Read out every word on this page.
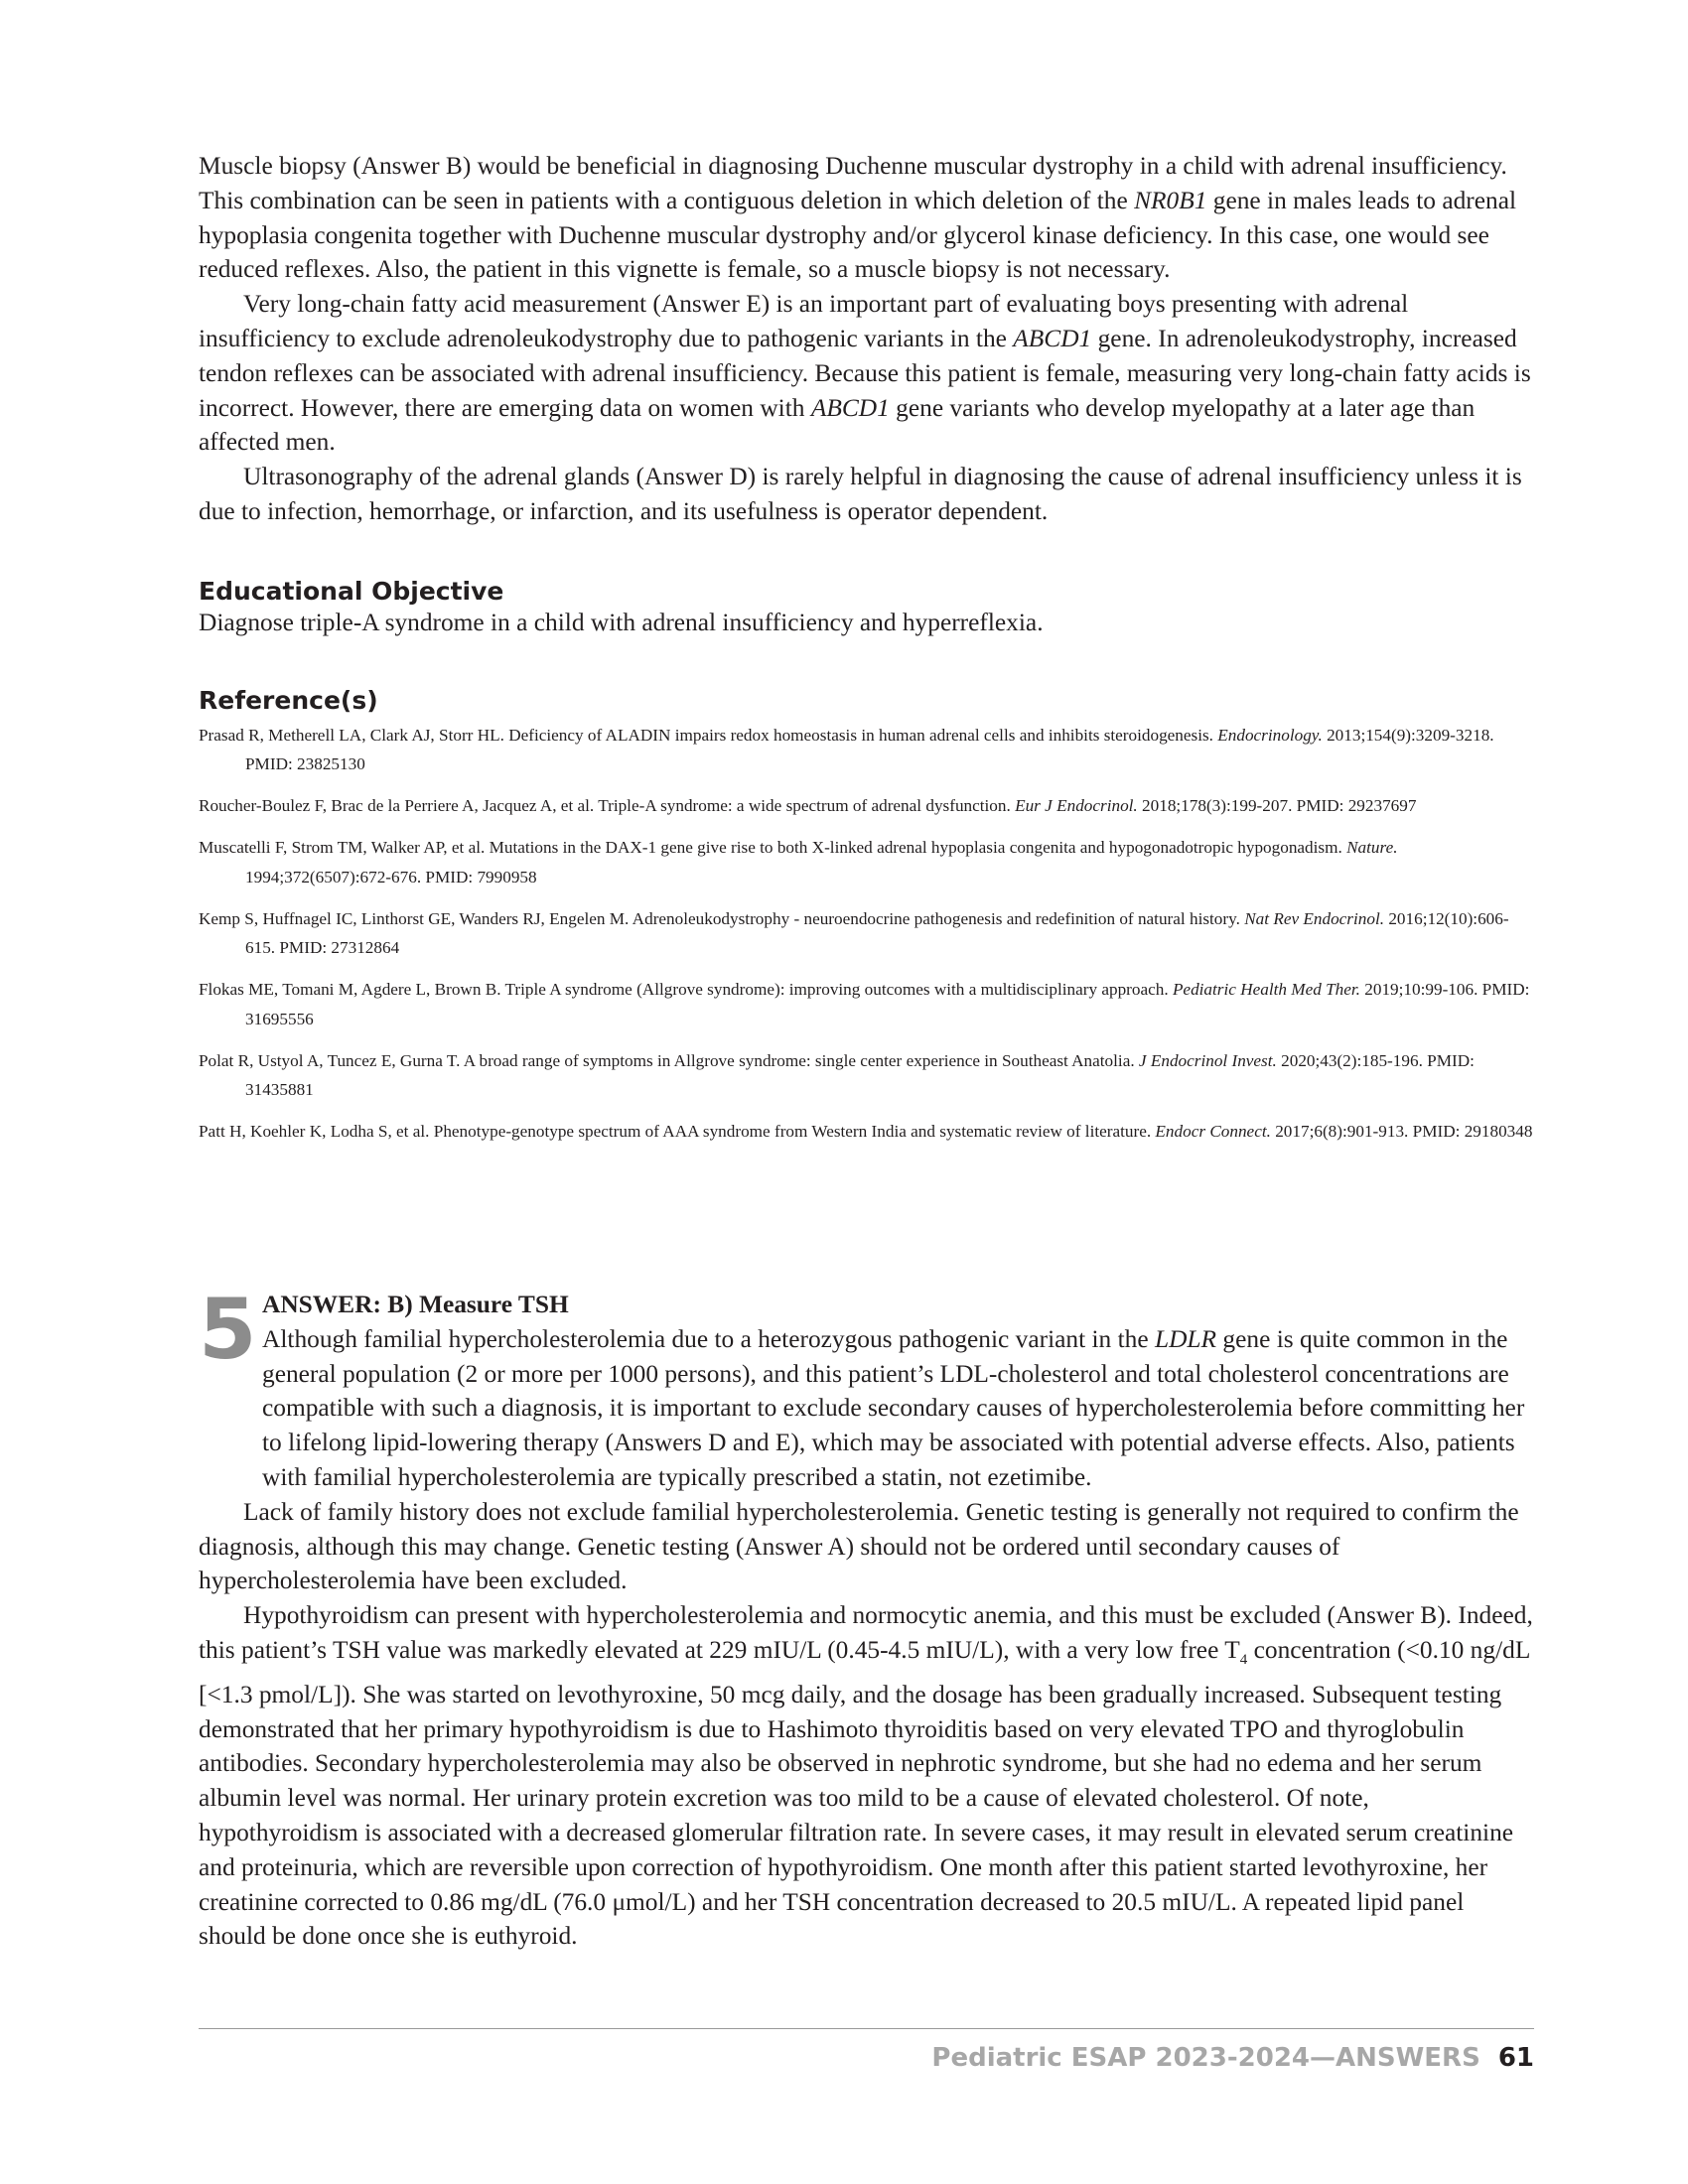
Muscle biopsy (Answer B) would be beneficial in diagnosing Duchenne muscular dystrophy in a child with adrenal insufficiency. This combination can be seen in patients with a contiguous deletion in which deletion of the NR0B1 gene in males leads to adrenal hypoplasia congenita together with Duchenne muscular dystrophy and/or glycerol kinase deficiency. In this case, one would see reduced reflexes. Also, the patient in this vignette is female, so a muscle biopsy is not necessary.

Very long-chain fatty acid measurement (Answer E) is an important part of evaluating boys presenting with adrenal insufficiency to exclude adrenoleukodystrophy due to pathogenic variants in the ABCD1 gene. In adrenoleukodystrophy, increased tendon reflexes can be associated with adrenal insufficiency. Because this patient is female, measuring very long-chain fatty acids is incorrect. However, there are emerging data on women with ABCD1 gene variants who develop myelopathy at a later age than affected men.

Ultrasonography of the adrenal glands (Answer D) is rarely helpful in diagnosing the cause of adrenal insufficiency unless it is due to infection, hemorrhage, or infarction, and its usefulness is operator dependent.

Educational Objective

Diagnose triple-A syndrome in a child with adrenal insufficiency and hyperreflexia.

Reference(s)

Prasad R, Metherell LA, Clark AJ, Storr HL. Deficiency of ALADIN impairs redox homeostasis in human adrenal cells and inhibits steroidogenesis. Endocrinology. 2013;154(9):3209-3218. PMID: 23825130

Roucher-Boulez F, Brac de la Perriere A, Jacquez A, et al. Triple-A syndrome: a wide spectrum of adrenal dysfunction. Eur J Endocrinol. 2018;178(3):199-207. PMID: 29237697

Muscatelli F, Strom TM, Walker AP, et al. Mutations in the DAX-1 gene give rise to both X-linked adrenal hypoplasia congenita and hypogonadotropic hypogonadism. Nature. 1994;372(6507):672-676. PMID: 7990958

Kemp S, Huffnagel IC, Linthorst GE, Wanders RJ, Engelen M. Adrenoleukodystrophy - neuroendocrine pathogenesis and redefinition of natural history. Nat Rev Endocrinol. 2016;12(10):606-615. PMID: 27312864

Flokas ME, Tomani M, Agdere L, Brown B. Triple A syndrome (Allgrove syndrome): improving outcomes with a multidisciplinary approach. Pediatric Health Med Ther. 2019;10:99-106. PMID: 31695556

Polat R, Ustyol A, Tuncez E, Gurna T. A broad range of symptoms in Allgrove syndrome: single center experience in Southeast Anatolia. J Endocrinol Invest. 2020;43(2):185-196. PMID: 31435881

Patt H, Koehler K, Lodha S, et al. Phenotype-genotype spectrum of AAA syndrome from Western India and systematic review of literature. Endocr Connect. 2017;6(8):901-913. PMID: 29180348

5 ANSWER: B) Measure TSH

Although familial hypercholesterolemia due to a heterozygous pathogenic variant in the LDLR gene is quite common in the general population (2 or more per 1000 persons), and this patient’s LDL-cholesterol and total cholesterol concentrations are compatible with such a diagnosis, it is important to exclude secondary causes of hypercholesterolemia before committing her to lifelong lipid-lowering therapy (Answers D and E), which may be associated with potential adverse effects. Also, patients with familial hypercholesterolemia are typically prescribed a statin, not ezetimibe.

Lack of family history does not exclude familial hypercholesterolemia. Genetic testing is generally not required to confirm the diagnosis, although this may change. Genetic testing (Answer A) should not be ordered until secondary causes of hypercholesterolemia have been excluded.

Hypothyroidism can present with hypercholesterolemia and normocytic anemia, and this must be excluded (Answer B). Indeed, this patient’s TSH value was markedly elevated at 229 mIU/L (0.45-4.5 mIU/L), with a very low free $T_4$ concentration (<0.10 ng/dL [<1.3 pmol/L]). She was started on levothyroxine, 50 mcg daily, and the dosage has been gradually increased. Subsequent testing demonstrated that her primary hypothyroidism is due to Hashimoto thyroiditis based on very elevated TPO and thyroglobulin antibodies. Secondary hypercholesterolemia may also be observed in nephrotic syndrome, but she had no edema and her serum albumin level was normal. Her urinary protein excretion was too mild to be a cause of elevated cholesterol. Of note, hypothyroidism is associated with a decreased glomerular filtration rate. In severe cases, it may result in elevated serum creatinine and proteinuria, which are reversible upon correction of hypothyroidism. One month after this patient started levothyroxine, her creatinine corrected to 0.86 mg/dL (76.0 μmol/L) and her TSH concentration decreased to 20.5 mIU/L. A repeated lipid panel should be done once she is euthyroid.

Pediatric ESAP 2023-2024—ANSWERS 61
